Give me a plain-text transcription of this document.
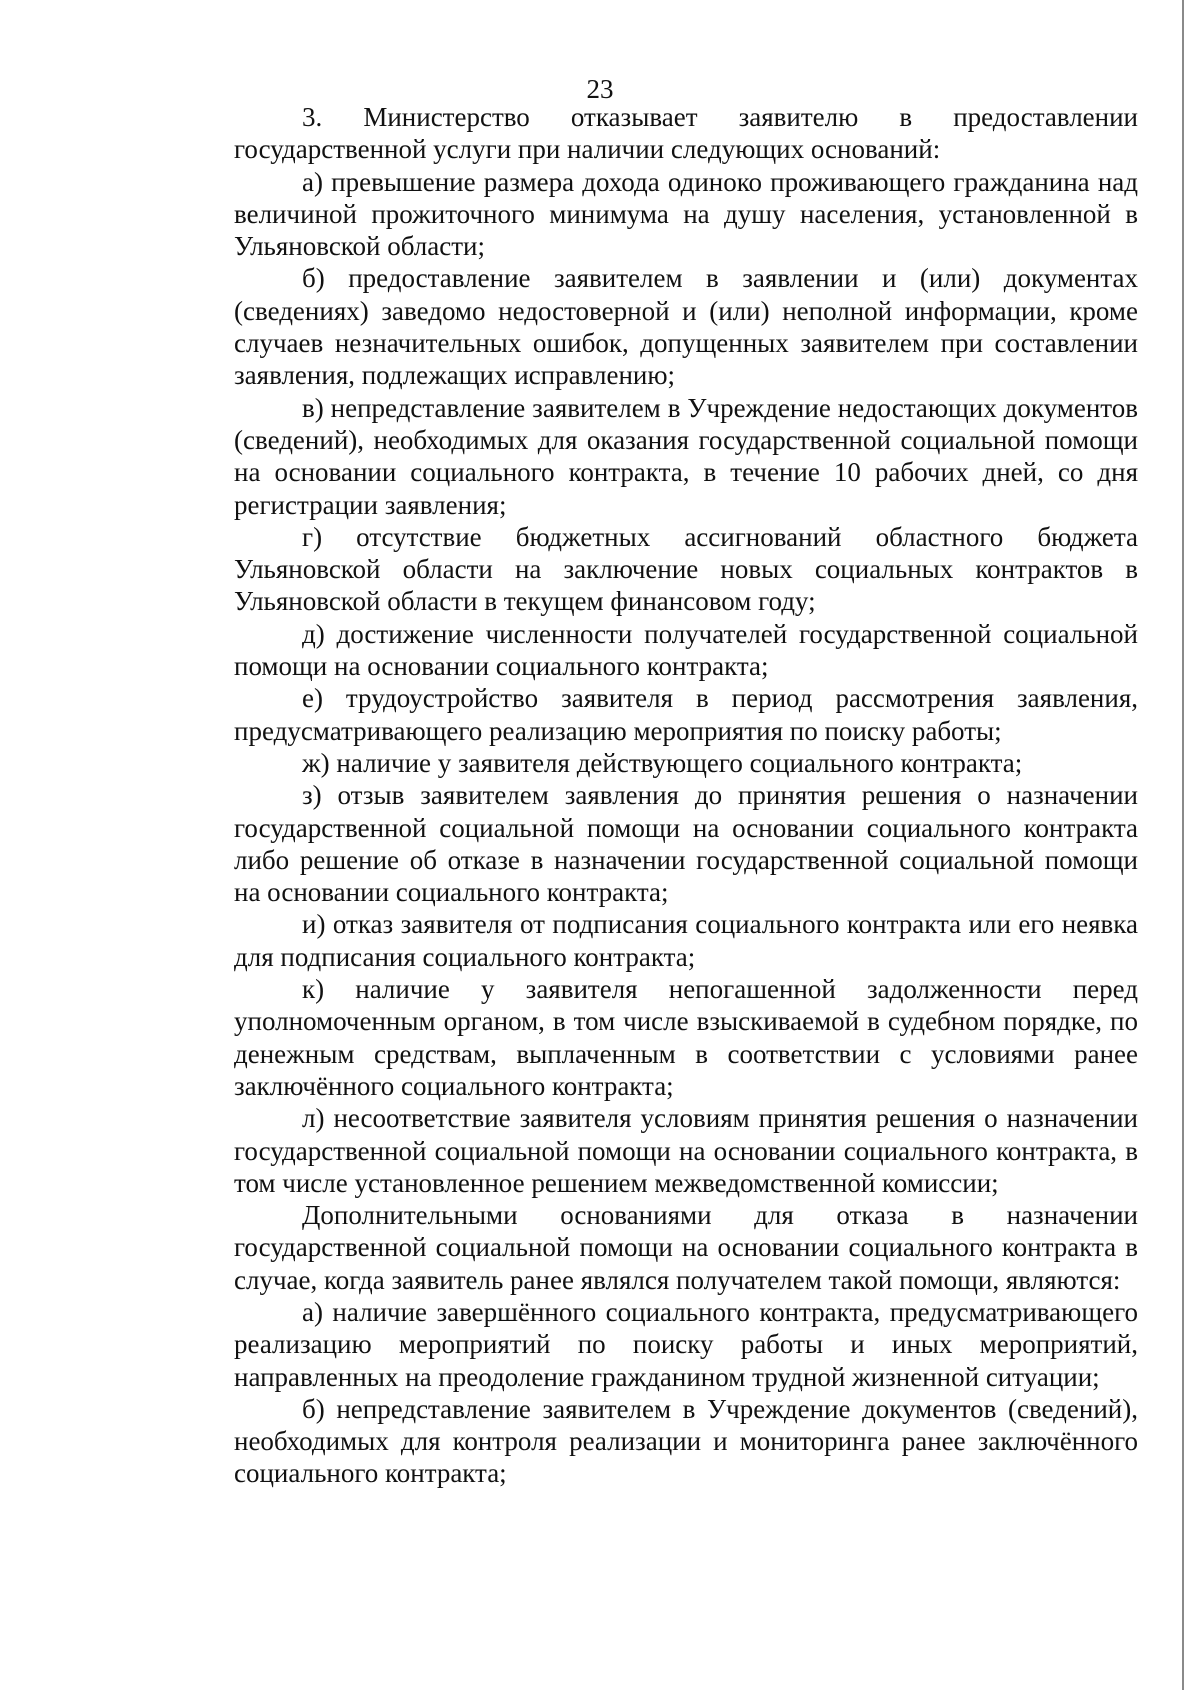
23

3. Министерство отказывает заявителю в предоставлении государственной услуги при наличии следующих оснований:

а) превышение размера дохода одиноко проживающего гражданина над величиной прожиточного минимума на душу населения, установленной в Ульяновской области;

б) предоставление заявителем в заявлении и (или) документах (сведениях) заведомо недостоверной и (или) неполной информации, кроме случаев незначительных ошибок, допущенных заявителем при составлении заявления, подлежащих исправлению;

в) непредставление заявителем в Учреждение недостающих документов (сведений), необходимых для оказания государственной социальной помощи на основании социального контракта, в течение 10 рабочих дней, со дня регистрации заявления;

г) отсутствие бюджетных ассигнований областного бюджета Ульяновской области на заключение новых социальных контрактов в Ульяновской области в текущем финансовом году;

д) достижение численности получателей государственной социальной помощи на основании социального контракта;

е) трудоустройство заявителя в период рассмотрения заявления, предусматривающего реализацию мероприятия по поиску работы;

ж) наличие у заявителя действующего социального контракта;

з) отзыв заявителем заявления до принятия решения о назначении государственной социальной помощи на основании социального контракта либо решение об отказе в назначении государственной социальной помощи на основании социального контракта;

и) отказ заявителя от подписания социального контракта или его неявка для подписания социального контракта;

к) наличие у заявителя непогашенной задолженности перед уполномоченным органом, в том числе взыскиваемой в судебном порядке, по денежным средствам, выплаченным в соответствии с условиями ранее заключённого социального контракта;

л) несоответствие заявителя условиям принятия решения о назначении государственной социальной помощи на основании социального контракта, в том числе установленное решением межведомственной комиссии;

Дополнительными основаниями для отказа в назначении государственной социальной помощи на основании социального контракта в случае, когда заявитель ранее являлся получателем такой помощи, являются:

а) наличие завершённого социального контракта, предусматривающего реализацию мероприятий по поиску работы и иных мероприятий, направленных на преодоление гражданином трудной жизненной ситуации;

б) непредставление заявителем в Учреждение документов (сведений), необходимых для контроля реализации и мониторинга ранее заключённого социального контракта;
